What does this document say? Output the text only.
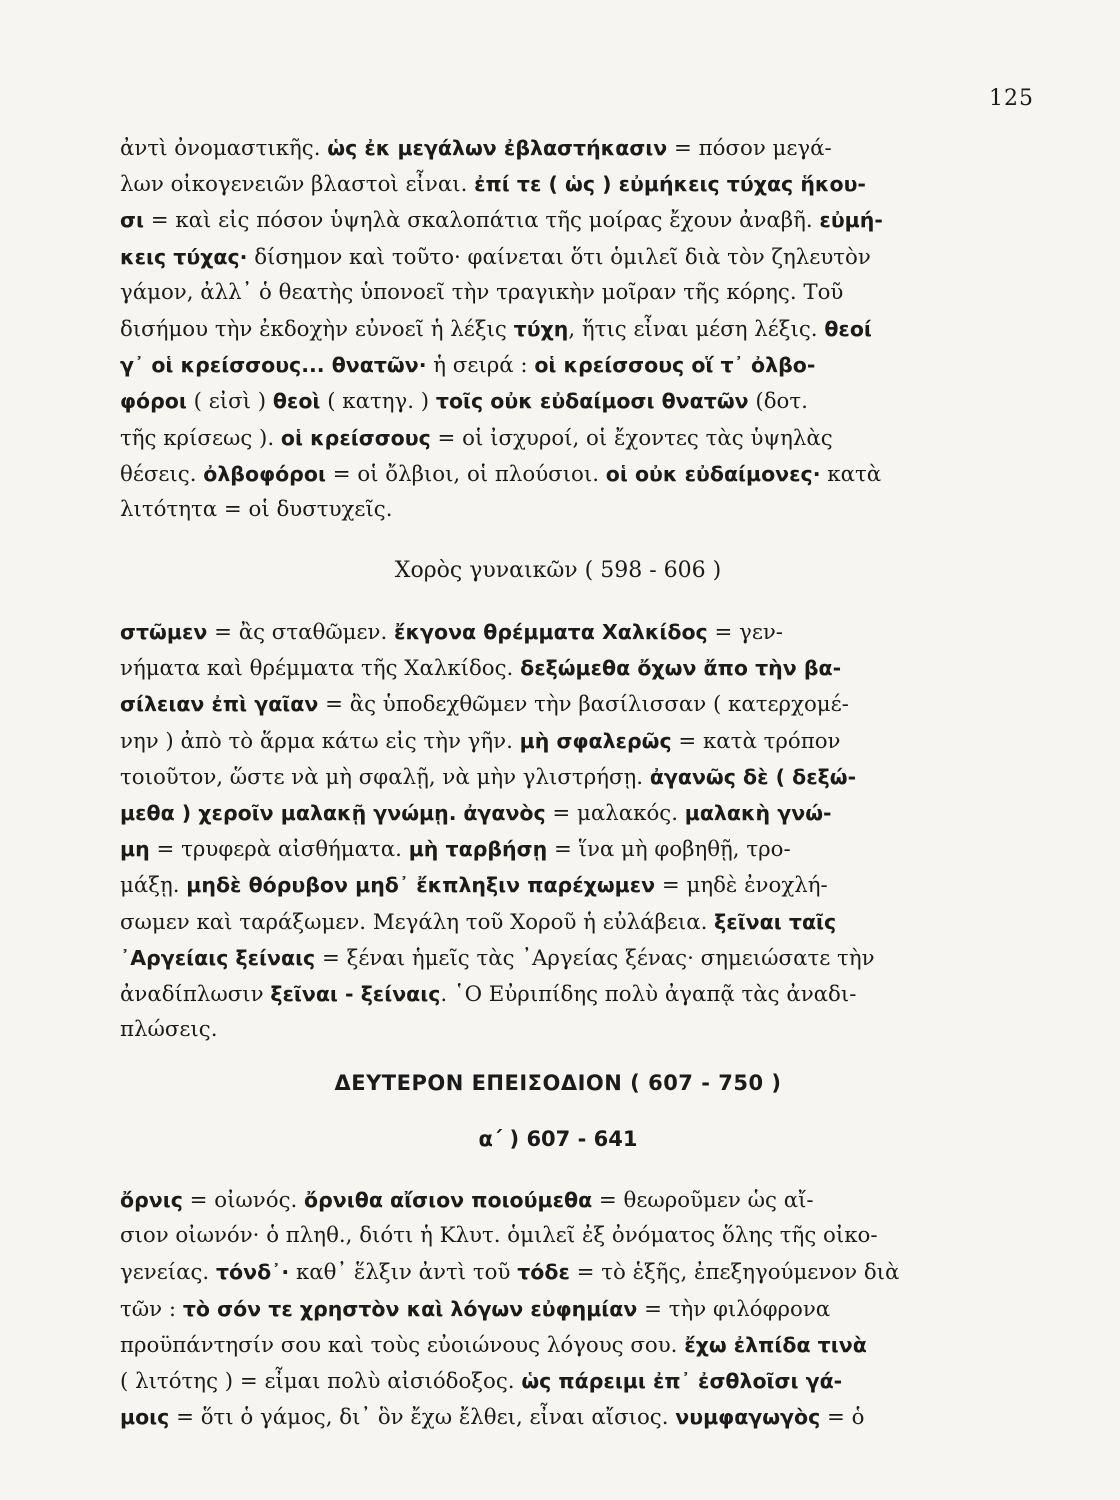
125
ἀντὶ ὀνομαστικῆς. ὡς ἐκ μεγάλων ἐβλαστήκασιν = πόσον μεγά-
λων οἰκογενειῶν βλαστοὶ εἶναι. ἐπί τε ( ὡς ) εὐμήκεις τύχας ἥκου-
σι = καὶ εἰς πόσον ὑψηλὰ σκαλοπάτια τῆς μοίρας ἔχουν ἀναβῆ. εὐμή-
κεις τύχας· δίσημον καὶ τοῦτο· φαίνεται ὅτι ὁμιλεῖ διὰ τὸν ζηλευτὸν
γάμον, ἀλλ᾽ ὁ θεατὴς ὑπονοεῖ τὴν τραγικὴν μοῖραν τῆς κόρης. Τοῦ
δισήμου τὴν ἐκδοχὴν εὐνοεῖ ἡ λέξις τύχη, ἥτις εἶναι μέση λέξις. θεοί
γ᾽ οἱ κρείσσους... θνατῶν· ἡ σειρά : οἱ κρείσσους οἵ τ᾽ ὀλβο-
φόροι ( εἰσὶ ) θεοὶ ( κατηγ. ) τοῖς οὐκ εὐδαίμοσι θνατῶν (δοτ.
τῆς κρίσεως ). οἱ κρείσσους = οἱ ἰσχυροί, οἱ ἔχοντες τὰς ὑψηλὰς
θέσεις. ὀλβοφόροι = οἱ ὄλβιοι, οἱ πλούσιοι. οἱ οὐκ εὐδαίμονες· κατὰ
λιτότητα = οἱ δυστυχεῖς.
Χορὸς γυναικῶν ( 598 - 606 )
στῶμεν = ἂς σταθῶμεν. ἔκγονα θρέμματα Χαλκίδος = γεν-
νήματα καὶ θρέμματα τῆς Χαλκίδος. δεξώμεθα ὄχων ἄπο τὴν βα-
σίλειαν ἐπὶ γαῖαν = ἂς ὑποδεχθῶμεν τὴν βασίλισσαν ( κατερχομέ-
νην ) ἀπὸ τὸ ἅρμα κάτω εἰς τὴν γῆν. μὴ σφαλερῶς = κατὰ τρόπον
τοιοῦτον, ὥστε νὰ μὴ σφαλῇ, νὰ μὴν γλιστρήσῃ. ἀγανῶς δὲ ( δεξώ-
μεθα ) χεροῖν μαλακῇ γνώμῃ. ἀγανὸς = μαλακός. μαλακὴ γνώ-
μη = τρυφερὰ αἰσθήματα. μὴ ταρβήσῃ = ἵνα μὴ φοβηθῇ, τρο-
μάξῃ. μηδὲ θόρυβον μηδ᾽ ἔκπληξιν παρέχωμεν = μηδὲ ἐνοχλή-
σωμεν καὶ ταράξωμεν. Μεγάλη τοῦ Χοροῦ ἡ εὐλάβεια. ξεῖναι ταῖς
᾽Αργείαις ξείναις = ξέναι ἡμεῖς τὰς ᾽Αργείας ξένας· σημειώσατε τὴν
ἀναδίπλωσιν ξεῖναι - ξείναις. ῾Ο Εὐριπίδης πολὺ ἀγαπᾷ τὰς ἀναδι-
πλώσεις.
ΔΕΥΤΕΡΟΝ ΕΠΕΙΣΟΔΙΟΝ ( 607 - 750 )
α΄ ) 607 - 641
ὄρνις = οἰωνός. ὄρνιθα αἴσιον ποιούμεθα = θεωροῦμεν ὡς αἴ-
σιον οἰωνόν· ὁ πληθ., διότι ἡ Κλυτ. ὁμιλεῖ ἐξ ὀνόματος ὅλης τῆς οἰκο-
γενείας. τόνδ᾽· καθ᾽ ἕλξιν ἀντὶ τοῦ τόδε = τὸ ἑξῆς, ἐπεξηγούμενον διὰ
τῶν : τὸ σόν τε χρηστὸν καὶ λόγων εὐφημίαν = τὴν φιλόφρονα
προϋπάντησίν σου καὶ τοὺς εὐοιώνους λόγους σου. ἔχω ἐλπίδα τινὰ
( λιτότης ) = εἶμαι πολὺ αἰσιόδοξος. ὡς πάρειμι ἐπ᾽ ἐσθλοῖσι γά-
μοις = ὅτι ὁ γάμος, δι᾽ ὃν ἔχω ἔλθει, εἶναι αἴσιος. νυμφαγωγὸς = ὁ
